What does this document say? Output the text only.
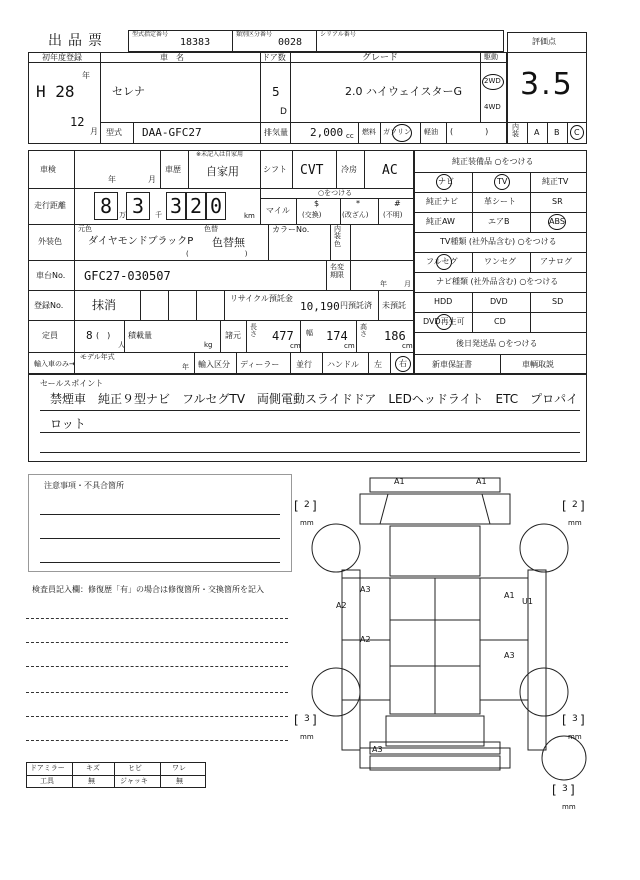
出品票	型式指定番号
18383
類別区分番号
0028
シリアル番号
評価点
3.5
初年度登録
年
H 28
12
月
車　名
セレナ
ドア数
5
D
グレード
2.0 ハイウェイスターG
駆動
2WD
4WD
型式 DAA-GFC27	排気量 2,000 cc 燃料 ガソリン 軽油 (　　　　)	内装 A B C
車検
年	月
車歴
※未記入は自家用
自家用	シフト CVT 冷房 AC
走行距離 8 3 3 2 0
万	千	km
○をつける
マイル
$
(交換)
*
(改ざん)
#
(不明)
外装色
元色
ダイヤモンドブラックP
色替
色替無
(　　　　　　　　)
カラーNo.	内装色
車台No. GFC27-030507
名変期限
年 月
登録No. 抹消	リサイクル預託金
10,190 円預託済 未預託
定員	8 (　)
人
積載量
kg
諸元
長さ 477
cm
幅 174
cm
高さ 186
cm
輸入車のみ→
モデル年式
年 輸入区分 ディーラー 並行 ハンドル 左 右
純正装備品 ○をつける
ナビ	TV	純正TV
純正ナビ	革シート	SR
純正AW	エアB	ABS
TV種類 (社外品含む) ○をつける
フルセグ	ワンセグ	アナログ
ナビ種類 (社外品含む) ○をつける
HDD	DVD	SD
DVD再生可	CD
後日発送品 ○をつける
新車保証書	車輌取説
セールスポイント
禁煙車　純正９型ナビ　フルセグTV　両側電動スライドドア　LEDヘッドライト　ETC　プロパイ
ロット
注意事項・不具合箇所
検査員記入欄：修復歴「有」の場合は修復箇所・交換箇所を記入
ドアミラー	キズ	ヒビ	ワレ
工具	無	ジャッキ	無
[ 2 ]
mm
[ 2 ]
mm
[ 3 ]
mm
[ 3 ]
mm
[ 3 ]
mm
A1	A1
A3
A2
A2
A1
U1
A3
A3
